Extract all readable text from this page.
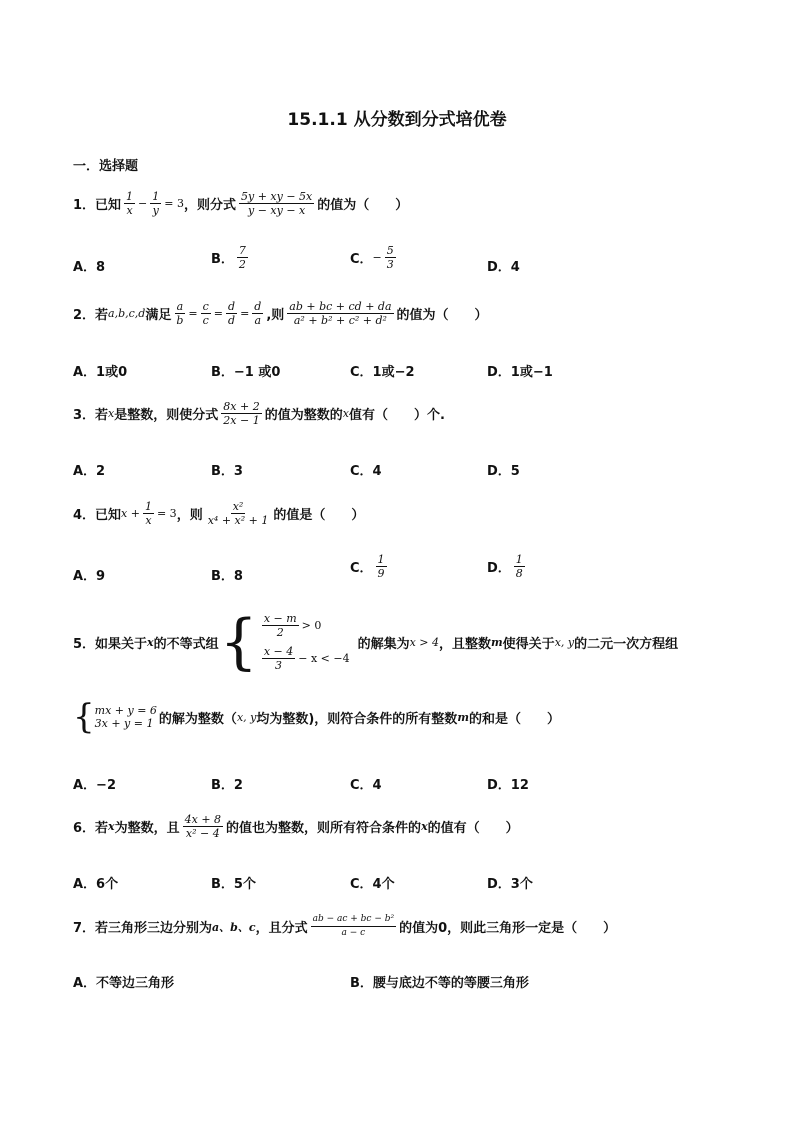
15.1.1 从分数到分式培优卷
一．选择题
1．已知 $\frac{1}{x} - \frac{1}{y} = 3$ ，则分式 $\frac{5y + xy - 5x}{y - xy - x}$ 的值为（　　）
A．8
B． $\frac{7}{2}$	C． − $\frac{5}{3}$	D．4
2．若 a,b,c,d 满足 $\frac{a}{b} = \frac{c}{c} = \frac{d}{d} = \frac{d}{a}$ ,则 $\frac{ab + bc + cd + da}{\text{a² + b² + c² + d²}}$ 的值为（　　）
A．1或0	B．−1 或0	C．1或−2	D．1或−1
3．若 x 是整数，则使分式 $\frac{8x + 2}{2x - 1}$ 的值为整数的 x 值有（　　）个.
A．2	B．3	C．4	D．5
4．已知 $x + \frac{1}{x} = 3$ ，则 $\frac{\text{x²}}{\text{x⁴ + x² + 1}}$ 的值是（　　）
A．9	B．8
C． $\frac{1}{9}$	D． $\frac{1}{8}$
5．如果关于 x 的不等式组 { $\frac{x - m}{2} > 0$
$\frac{x - 4}{3} - x < -4$
的解集为 x > 4 ，且整数 m 使得关于 x, y 的二元一次方程组
{ mx + y = 6
3x + y = 1 的解为整数（ x, y 均为整数)，则符合条件的所有整数 m 的和是（　　）
A．−2	B．2	C．4	D．12
6．若 x 为整数，且 $\frac{4x + 8}{\text{x² − 4}}$ 的值也为整数，则所有符合条件的 x 的值有（　　）
A．6个	B．5个	C．4个	D．3个
7．若三角形三边分别为 a、b、c ，且分式 $\frac{\text{ab − ac + bc − b²}}{a - c}$ 的值为0，则此三角形一定是（　　）
A．不等边三角形	B．腰与底边不等的等腰三角形
